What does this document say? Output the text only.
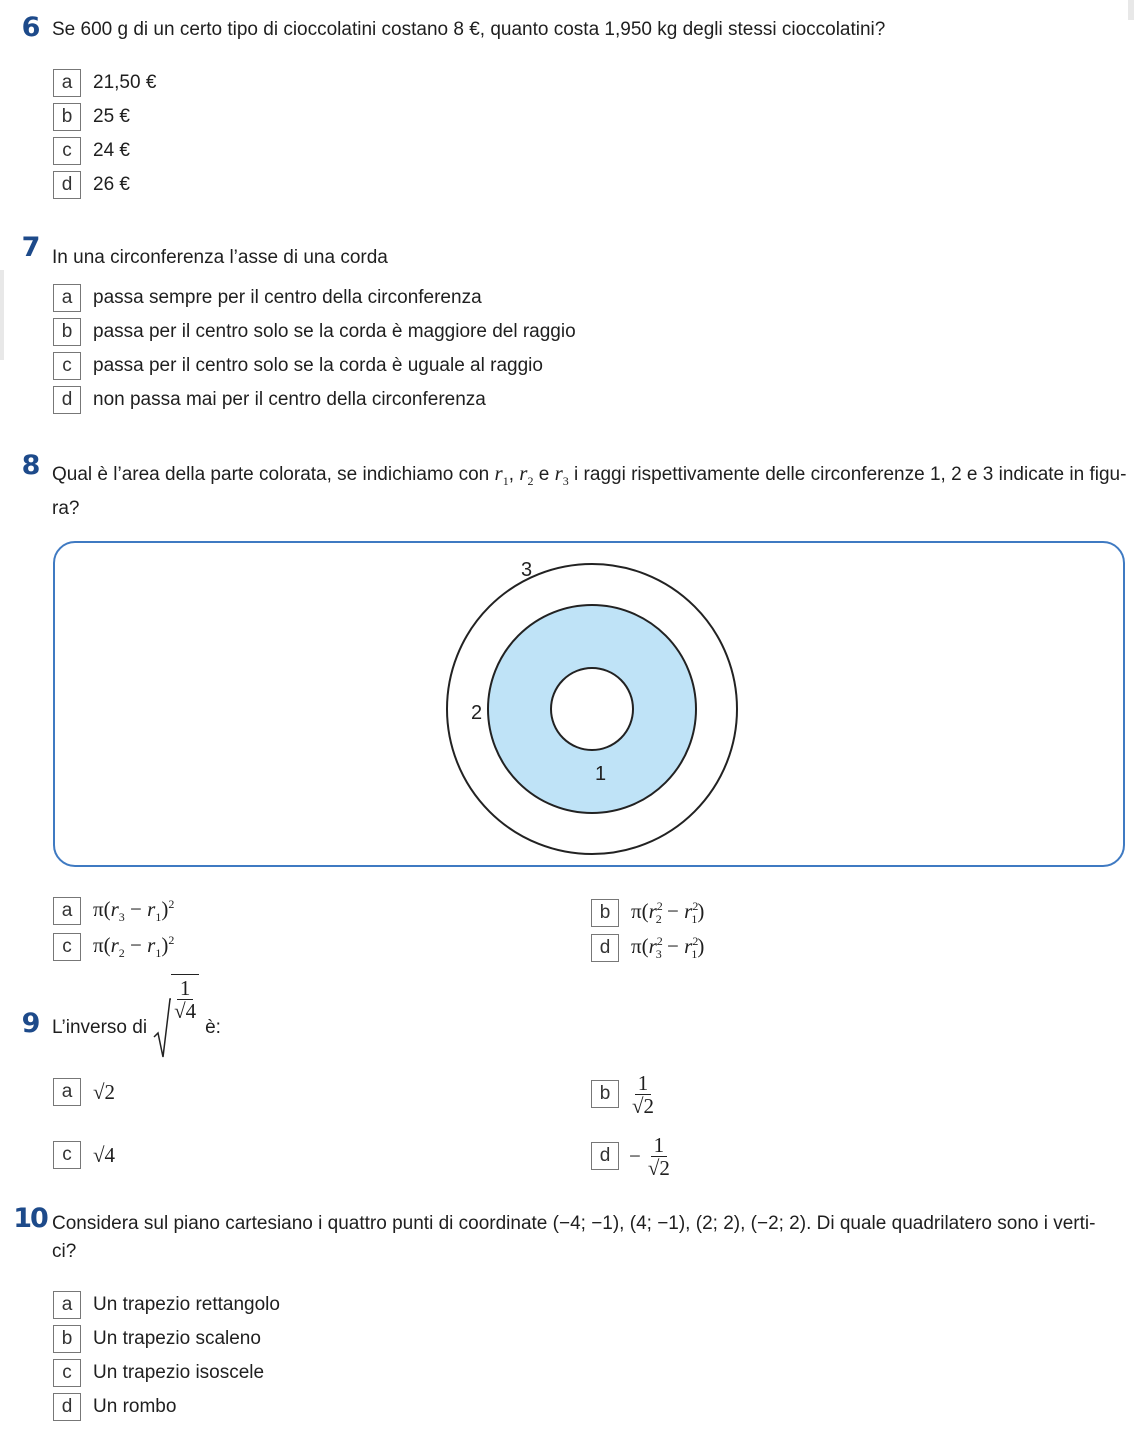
6 Se 600 g di un certo tipo di cioccolatini costano 8 €, quanto costa 1,950 kg degli stessi cioccolatini?
a	21,50 €
b	25 €
c	24 €
d	26 €
7 In una circonferenza l’asse di una corda
a	passa sempre per il centro della circonferenza
b	passa per il centro solo se la corda è maggiore del raggio
c	passa per il centro solo se la corda è uguale al raggio
d	non passa mai per il centro della circonferenza
8 Qual è l’area della parte colorata, se indichiamo con $r_1$, $r_2$ e $r_3$ i raggi rispettivamente delle circonferenze 1, 2 e 3 indicate in figu-
ra?
3
2
1
a $\pi(r_3 - r_1)^2$	b $\pi(r^2_2 - r^2_1)$
c	$\pi(r_2 - r_1)^2$	d $\pi(r^2_3 - r^2_1)$
9 L’inverso di
$\frac{1}{√4}$
è:
a √2	b $\frac{1}{√2}$
c	√4	$d - \frac{1}{√2}$
10 Considera sul piano cartesiano i quattro punti di coordinate (−4; −1), (4; −1), (2; 2), (−2; 2). Di quale quadrilatero sono i verti-
ci?
a	Un trapezio rettangolo
b	Un trapezio scaleno
c	Un trapezio isoscele
d	Un rombo
